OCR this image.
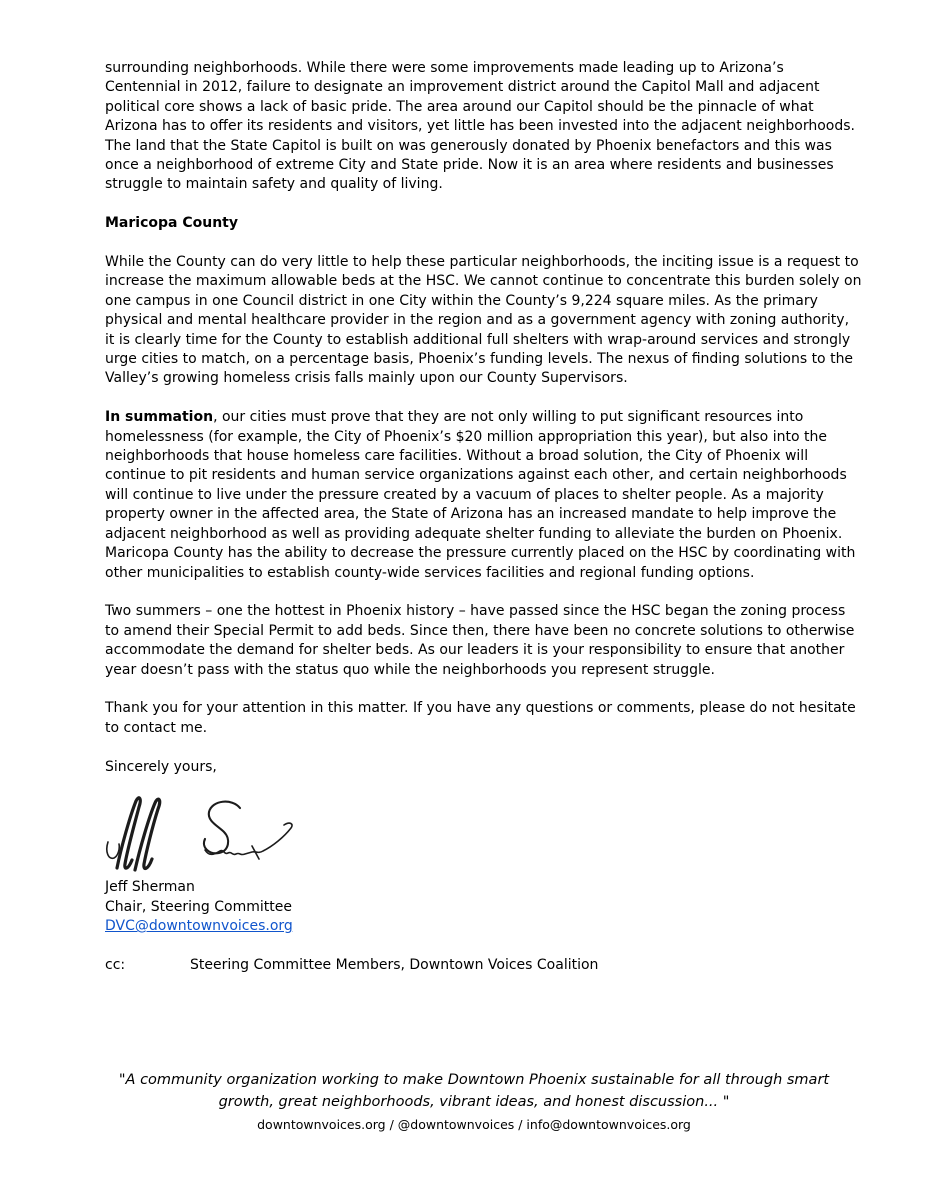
surrounding neighborhoods. While there were some improvements made leading up to Arizona’s Centennial in 2012, failure to designate an improvement district around the Capitol Mall and adjacent political core shows a lack of basic pride. The area around our Capitol should be the pinnacle of what Arizona has to offer its residents and visitors, yet little has been invested into the adjacent neighborhoods. The land that the State Capitol is built on was generously donated by Phoenix benefactors and this was once a neighborhood of extreme City and State pride. Now it is an area where residents and businesses struggle to maintain safety and quality of living.

Maricopa County

While the County can do very little to help these particular neighborhoods, the inciting issue is a request to increase the maximum allowable beds at the HSC. We cannot continue to concentrate this burden solely on one campus in one Council district in one City within the County’s 9,224 square miles. As the primary physical and mental healthcare provider in the region and as a government agency with zoning authority, it is clearly time for the County to establish additional full shelters with wrap-around services and strongly urge cities to match, on a percentage basis, Phoenix’s funding levels. The nexus of finding solutions to the Valley’s growing homeless crisis falls mainly upon our County Supervisors.

In summation, our cities must prove that they are not only willing to put significant resources into homelessness (for example, the City of Phoenix’s $20 million appropriation this year), but also into the neighborhoods that house homeless care facilities. Without a broad solution, the City of Phoenix will continue to pit residents and human service organizations against each other, and certain neighborhoods will continue to live under the pressure created by a vacuum of places to shelter people. As a majority property owner in the affected area, the State of Arizona has an increased mandate to help improve the adjacent neighborhood as well as providing adequate shelter funding to alleviate the burden on Phoenix. Maricopa County has the ability to decrease the pressure currently placed on the HSC by coordinating with other municipalities to establish county-wide services facilities and regional funding options.

Two summers – one the hottest in Phoenix history – have passed since the HSC began the zoning process to amend their Special Permit to add beds. Since then, there have been no concrete solutions to otherwise accommodate the demand for shelter beds. As our leaders it is your responsibility to ensure that another year doesn’t pass with the status quo while the neighborhoods you represent struggle.

Thank you for your attention in this matter. If you have any questions or comments, please do not hesitate to contact me.

Sincerely yours,

Jeff Sherman
Chair, Steering Committee
DVC@downtownvoices.org
cc:	Steering Committee Members, Downtown Voices Coalition
"A community organization working to make Downtown Phoenix sustainable for all through smart growth, great neighborhoods, vibrant ideas, and honest discussion... "
downtownvoices.org / @downtownvoices / info@downtownvoices.org
